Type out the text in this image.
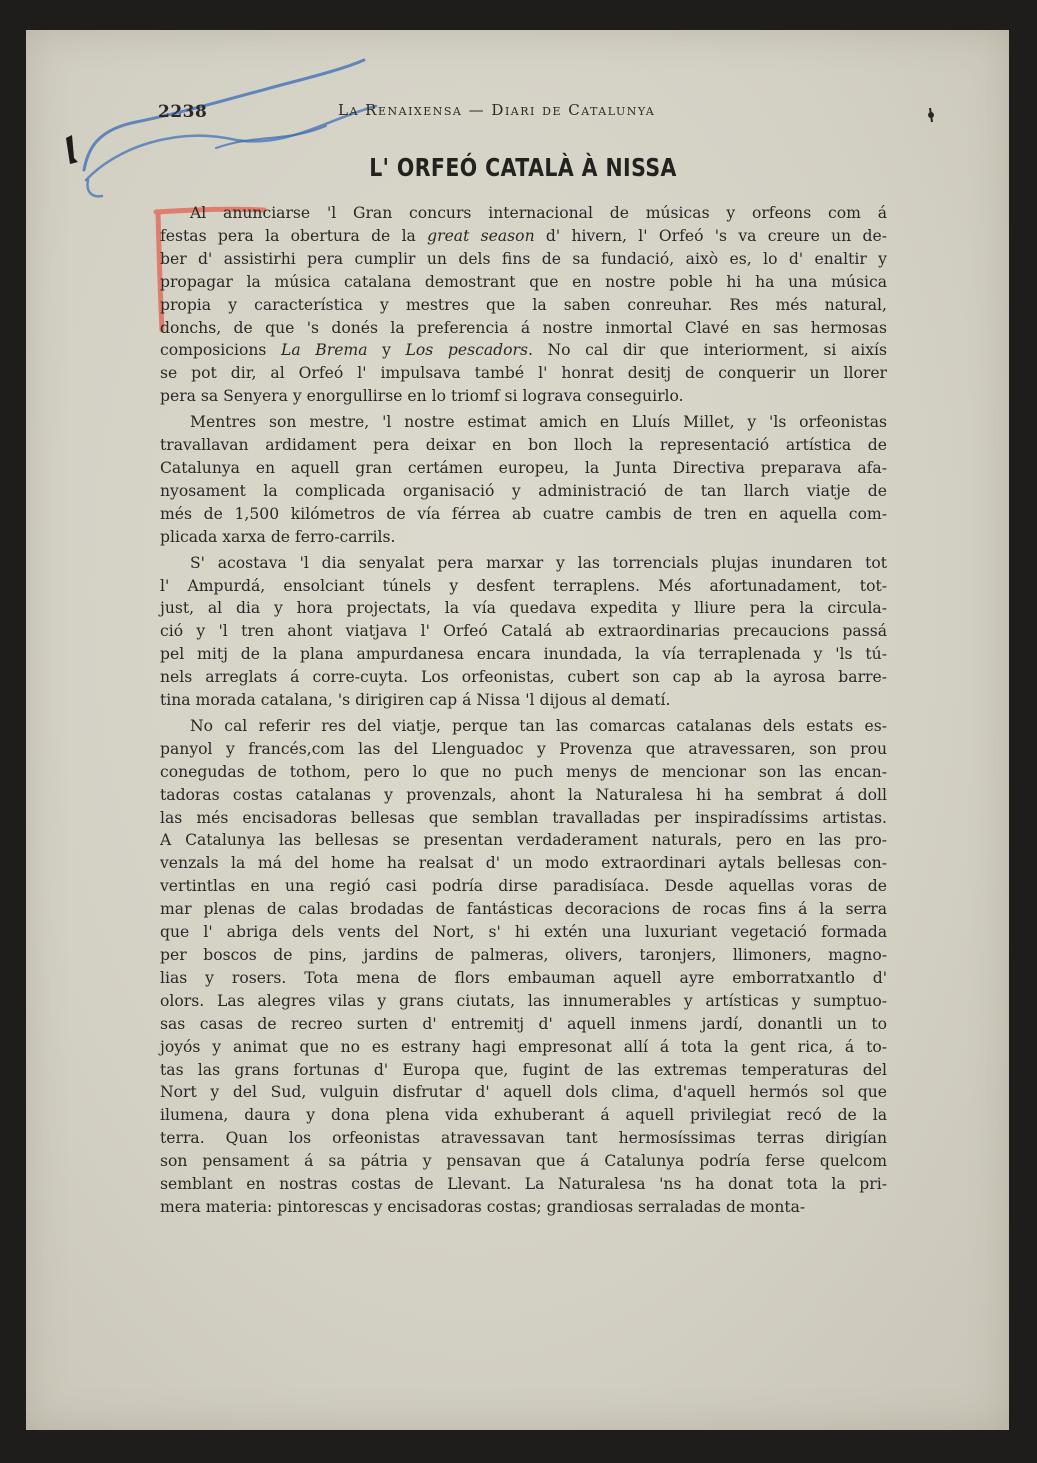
2238	La Renaixensa — Diari de Catalunya
L' ORFEÓ CATALÀ À NISSA

Al anunciarse 'l Gran concurs internacional de músicas y orfeons com á
festas pera la obertura de la great season d' hivern, l' Orfeó 's va creure un de-
ber d' assistirhi pera cumplir un dels fins de sa fundació, això es, lo d' enaltir y
propagar la música catalana demostrant que en nostre poble hi ha una música
propia y característica y mestres que la saben conreuhar. Res més natural,
donchs, de que 's donés la preferencia á nostre inmortal Clavé en sas hermosas
composicions La Brema y Los pescadors. No cal dir que interiorment, si aixís
se pot dir, al Orfeó l' impulsava també l' honrat desitj de conquerir un llorer
pera sa Senyera y enorgullirse en lo triomf si lograva conseguirlo.

Mentres son mestre, 'l nostre estimat amich en Lluís Millet, y 'ls orfeonistas
travallavan ardidament pera deixar en bon lloch la representació artística de
Catalunya en aquell gran certámen europeu, la Junta Directiva preparava afa-
nyosament la complicada organisació y administració de tan llarch viatje de
més de 1,500 kilómetros de vía férrea ab cuatre cambis de tren en aquella com-
plicada xarxa de ferro-carrils.

S' acostava 'l dia senyalat pera marxar y las torrencials plujas inundaren tot
l' Ampurdá, ensolciant túnels y desfent terraplens. Més afortunadament, tot-
just, al dia y hora projectats, la vía quedava expedita y lliure pera la circula-
ció y 'l tren ahont viatjava l' Orfeó Catalá ab extraordinarias precaucions passá
pel mitj de la plana ampurdanesa encara inundada, la vía terraplenada y 'ls tú-
nels arreglats á corre-cuyta. Los orfeonistas, cubert son cap ab la ayrosa barre-
tina morada catalana, 's dirigiren cap á Nissa 'l dijous al dematí.

No cal referir res del viatje, perque tan las comarcas catalanas dels estats es-
panyol y francés,com las del Llenguadoc y Provenza que atravessaren, son prou
conegudas de tothom, pero lo que no puch menys de mencionar son las encan-
tadoras costas catalanas y provenzals, ahont la Naturalesa hi ha sembrat á doll
las més encisadoras bellesas que semblan travalladas per inspiradíssims artistas.
A Catalunya las bellesas se presentan verdaderament naturals, pero en las pro-
venzals la má del home ha realsat d' un modo extraordinari aytals bellesas con-
vertintlas en una regió casi podría dirse paradisíaca. Desde aquellas voras de
mar plenas de calas brodadas de fantásticas decoracions de rocas fins á la serra
que l' abriga dels vents del Nort, s' hi extén una luxuriant vegetació formada
per boscos de pins, jardins de palmeras, olivers, taronjers, llimoners, magno-
lias y rosers. Tota mena de flors embauman aquell ayre emborratxantlo d'
olors. Las alegres vilas y grans ciutats, las innumerables y artísticas y sumptuo-
sas casas de recreo surten d' entremitj d' aquell inmens jardí, donantli un to
joyós y animat que no es estrany hagi empresonat allí á tota la gent rica, á to-
tas las grans fortunas d' Europa que, fugint de las extremas temperaturas del
Nort y del Sud, vulguin disfrutar d' aquell dols clima, d'aquell hermós sol que
ilumena, daura y dona plena vida exhuberant á aquell privilegiat recó de la
terra. Quan los orfeonistas atravessavan tant hermosíssimas terras dirigían
son pensament á sa pátria y pensavan que á Catalunya podría ferse quelcom
semblant en nostras costas de Llevant. La Naturalesa 'ns ha donat tota la pri-
mera materia: pintorescas y encisadoras costas; grandiosas serraladas de monta-
